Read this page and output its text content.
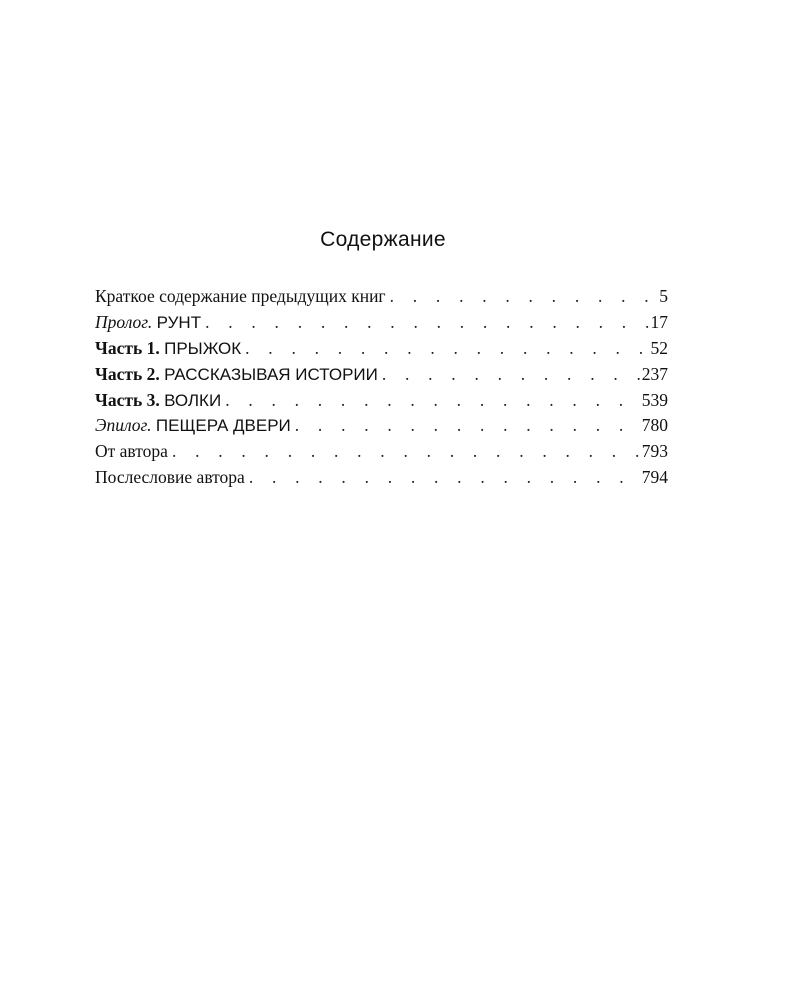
Содержание
Краткое содержание предыдущих книг . . .	5
Пролог. РУНТ . . .	17
Часть 1. ПРЫЖОК . . .	52
Часть 2. РАССКАЗЫВАЯ ИСТОРИИ . . .	237
Часть 3. ВОЛКИ . . .	539
Эпилог. ПЕЩЕРА ДВЕРИ . . .	780
От автора . . .	793
Послесловие автора . . .	794
